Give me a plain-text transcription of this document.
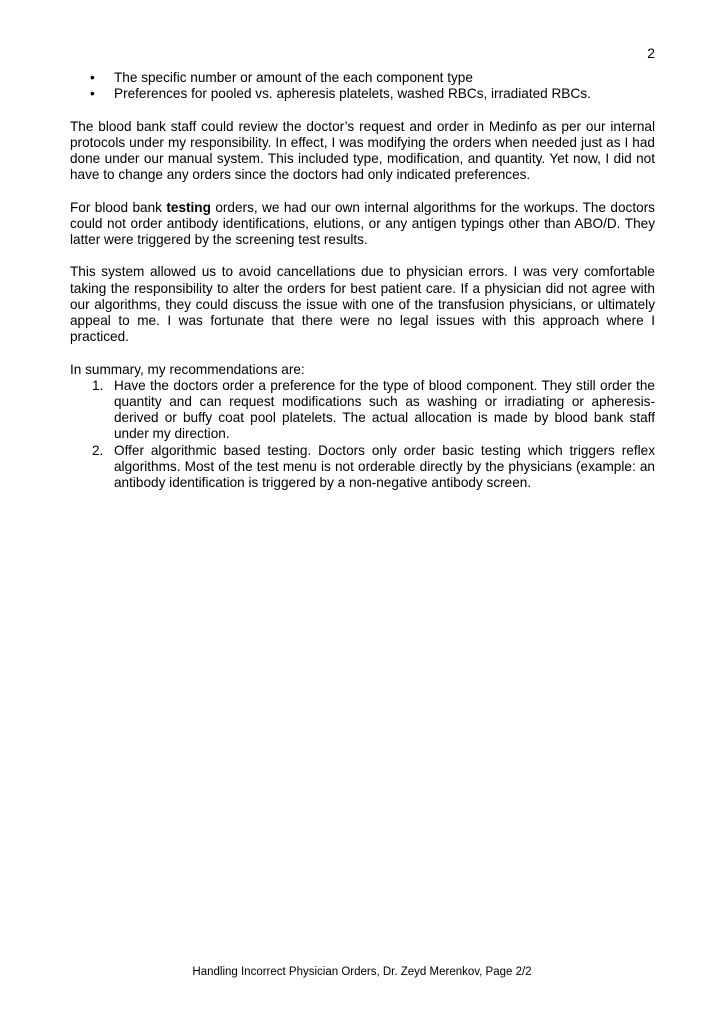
2
• The specific number or amount of the each component type
• Preferences for pooled vs. apheresis platelets, washed RBCs, irradiated RBCs.

The blood bank staff could review the doctor’s request and order in Medinfo as per our internal protocols under my responsibility. In effect, I was modifying the orders when needed just as I had done under our manual system. This included type, modification, and quantity. Yet now, I did not have to change any orders since the doctors had only indicated preferences.

For blood bank testing orders, we had our own internal algorithms for the workups. The doctors could not order antibody identifications, elutions, or any antigen typings other than ABO/D. They latter were triggered by the screening test results.

This system allowed us to avoid cancellations due to physician errors. I was very comfortable taking the responsibility to alter the orders for best patient care. If a physician did not agree with our algorithms, they could discuss the issue with one of the transfusion physicians, or ultimately appeal to me. I was fortunate that there were no legal issues with this approach where I practiced.

In summary, my recommendations are:
1. Have the doctors order a preference for the type of blood component. They still order the quantity and can request modifications such as washing or irradiating or apheresis-derived or buffy coat pool platelets. The actual allocation is made by blood bank staff under my direction.
2. Offer algorithmic based testing. Doctors only order basic testing which triggers reflex algorithms. Most of the test menu is not orderable directly by the physicians (example: an antibody identification is triggered by a non-negative antibody screen.
Handling Incorrect Physician Orders, Dr. Zeyd Merenkov, Page 2/2
